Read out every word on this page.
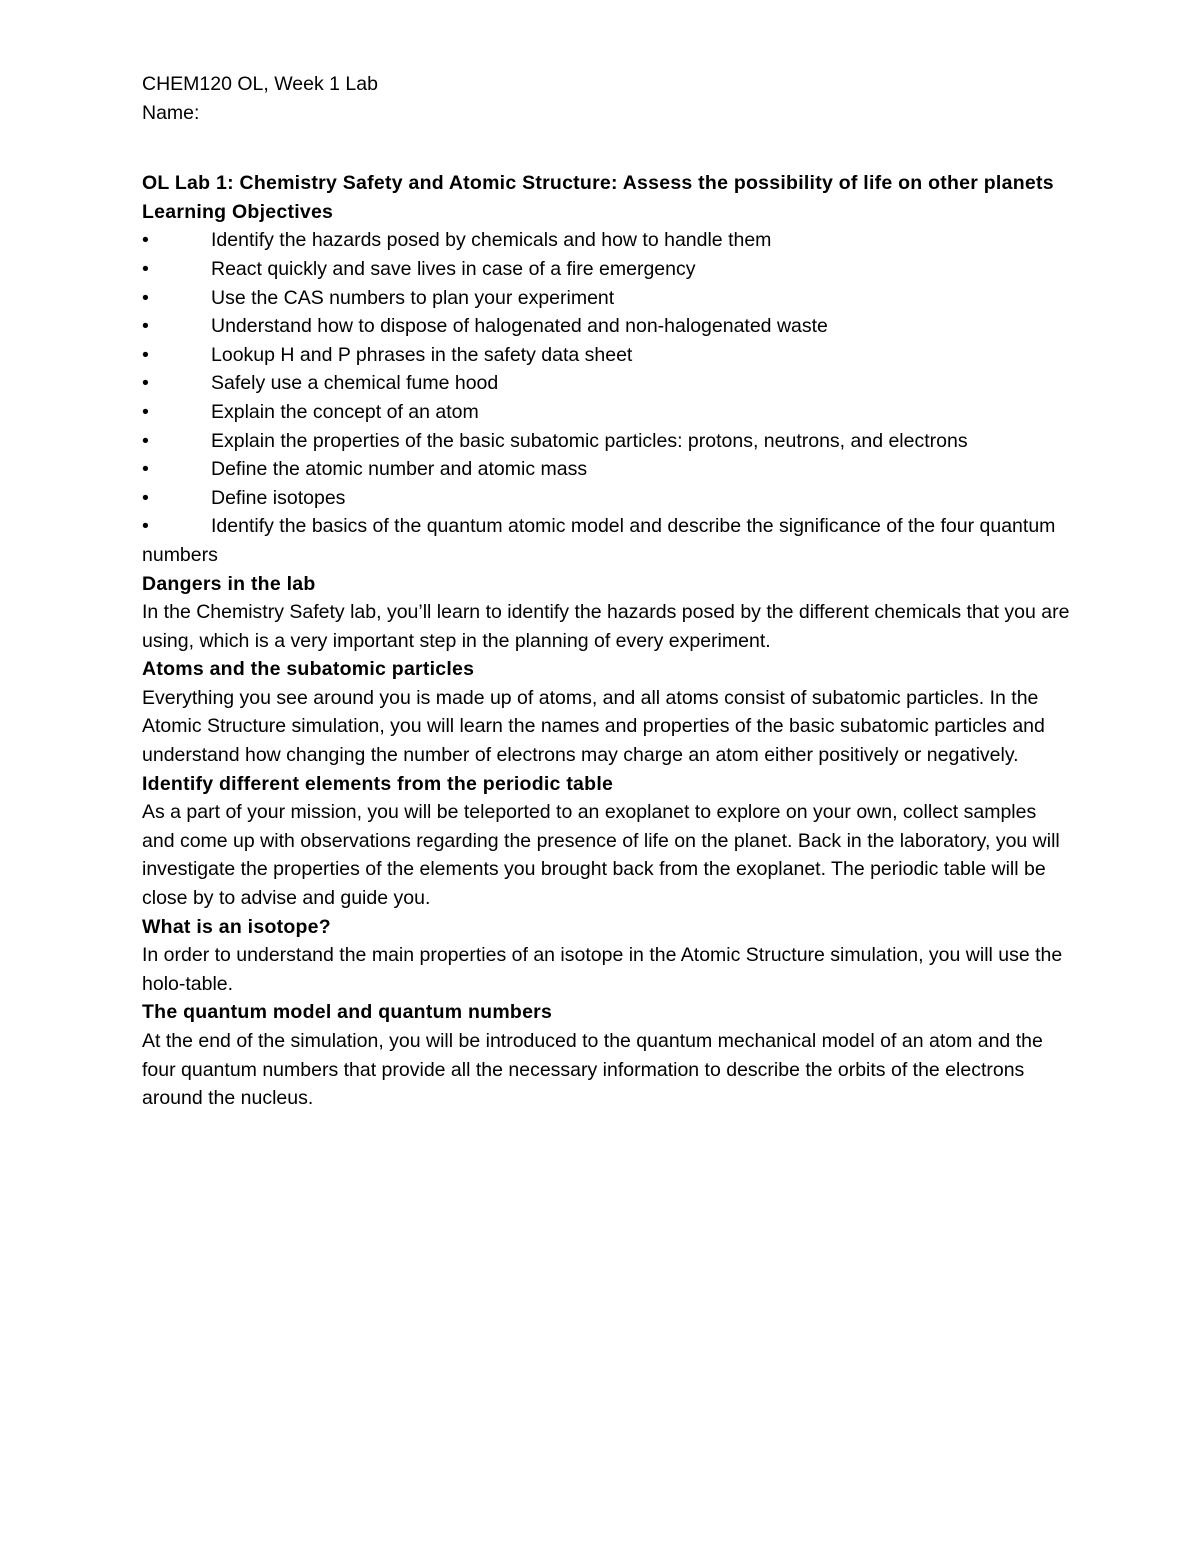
CHEM120 OL, Week 1 Lab

Name:

OL Lab 1: Chemistry Safety and Atomic Structure: Assess the possibility of life on other planets

Learning Objectives

•	Identify the hazards posed by chemicals and how to handle them
•	React quickly and save lives in case of a fire emergency
•	Use the CAS numbers to plan your experiment
•	Understand how to dispose of halogenated and non-halogenated waste
•	Lookup H and P phrases in the safety data sheet
•	Safely use a chemical fume hood
•	Explain the concept of an atom
•	Explain the properties of the basic subatomic particles: protons, neutrons, and electrons
•	Define the atomic number and atomic mass
•	Define isotopes
•	Identify the basics of the quantum atomic model and describe the significance of the four quantum numbers

Dangers in the lab

In the Chemistry Safety lab, you’ll learn to identify the hazards posed by the different chemicals that you are using, which is a very important step in the planning of every experiment.

Atoms and the subatomic particles

Everything you see around you is made up of atoms, and all atoms consist of subatomic particles. In the Atomic Structure simulation, you will learn the names and properties of the basic subatomic particles and understand how changing the number of electrons may charge an atom either positively or negatively.

Identify different elements from the periodic table

As a part of your mission, you will be teleported to an exoplanet to explore on your own, collect samples and come up with observations regarding the presence of life on the planet. Back in the laboratory, you will investigate the properties of the elements you brought back from the exoplanet. The periodic table will be close by to advise and guide you.

What is an isotope?

In order to understand the main properties of an isotope in the Atomic Structure simulation, you will use the holo-table.

The quantum model and quantum numbers

At the end of the simulation, you will be introduced to the quantum mechanical model of an atom and the four quantum numbers that provide all the necessary information to describe the orbits of the electrons around the nucleus.
